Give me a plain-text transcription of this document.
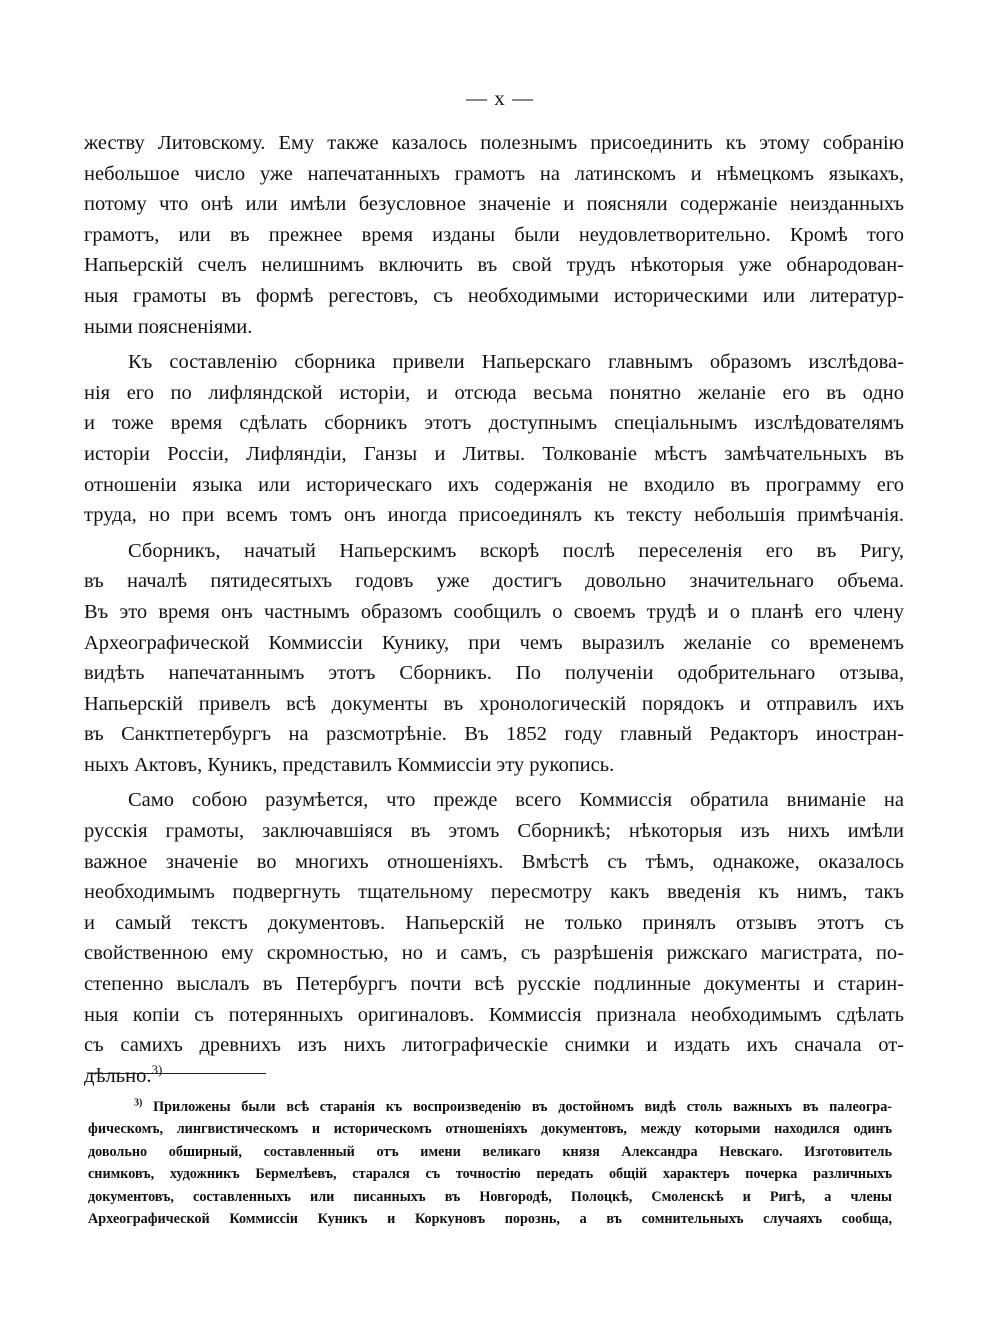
— x —
жеству Литовскому. Ему также казалось полезнымъ присоединить къ этому собранію
небольшое число уже напечатанныхъ грамотъ на латинскомъ и нѣмецкомъ языкахъ,
потому что онѣ или имѣли безусловное значеніе и поясняли содержаніе неизданныхъ
грамотъ, или въ прежнее время изданы были неудовлетворительно. Кромѣ того
Напьерскій счелъ нелишнимъ включить въ свой трудъ нѣкоторыя уже обнародован-
ныя грамоты въ формѣ регестовъ, съ необходимыми историческими или литератур-
ными поясненіями.
Къ составленію сборника привели Напьерскаго главнымъ образомъ изслѣдова-
нія его по лифляндской исторіи, и отсюда весьма понятно желаніе его въ одно
и тоже время сдѣлать сборникъ этотъ доступнымъ спеціальнымъ изслѣдователямъ
исторіи Россіи, Лифляндіи, Ганзы и Литвы. Толкованіе мѣстъ замѣчательныхъ въ
отношеніи языка или историческаго ихъ содержанія не входило въ программу его
труда, но при всемъ томъ онъ иногда присоединялъ къ тексту небольшія примѣчанія.
Сборникъ, начатый Напьерскимъ вскорѣ послѣ переселенія его въ Ригу,
въ началѣ пятидесятыхъ годовъ уже достигъ довольно значительнаго объема.
Въ это время онъ частнымъ образомъ сообщилъ о своемъ трудѣ и о планѣ его члену
Археографической Коммиссіи Кунику, при чемъ выразилъ желаніе со временемъ
видѣть напечатаннымъ этотъ Сборникъ. По полученіи одобрительнаго отзыва,
Напьерскій привелъ всѣ документы въ хронологическій порядокъ и отправилъ ихъ
въ Санктпетербургъ на разсмотрѣніе. Въ 1852 году главный Редакторъ иностран-
ныхъ Актовъ, Куникъ, представилъ Коммиссіи эту рукопись.
Само собою разумѣется, что прежде всего Коммиссія обратила вниманіе на
русскія грамоты, заключавшіяся въ этомъ Сборникѣ; нѣкоторыя изъ нихъ имѣли
важное значеніе во многихъ отношеніяхъ. Вмѣстѣ съ тѣмъ, однакоже, оказалось
необходимымъ подвергнуть тщательному пересмотру какъ введенія къ нимъ, такъ
и самый текстъ документовъ. Напьерскій не только принялъ отзывъ этотъ съ
свойственною ему скромностью, но и самъ, съ разрѣшенія рижскаго магистрата, по-
степенно выслалъ въ Петербургъ почти всѣ русскіе подлинные документы и старин-
ныя копіи съ потерянныхъ оригиналовъ. Коммиссія признала необходимымъ сдѣлать
съ самихъ древнихъ изъ нихъ литографическіе снимки и издать ихъ сначала от-
дѣльно.$^{3)}$
$^{3)}$ Приложены были всѣ старанія къ воспроизведенію въ достойномъ видѣ столь важныхъ въ палеогра-
фическомъ, лингвистическомъ и историческомъ отношеніяхъ документовъ, между которыми находился одинъ
довольно обширный, составленный отъ имени великаго князя Александра Невскаго. Изготовитель
снимковъ, художникъ Бермелѣевъ, старался съ точностію передать общій характеръ почерка различныхъ
документовъ, составленныхъ или писанныхъ въ Новгородѣ, Полоцкѣ, Смоленскѣ и Ригѣ, а члены
Археографической Коммиссіи Куникъ и Коркуновъ порознь, а въ сомнительныхъ случаяхъ сообща,
